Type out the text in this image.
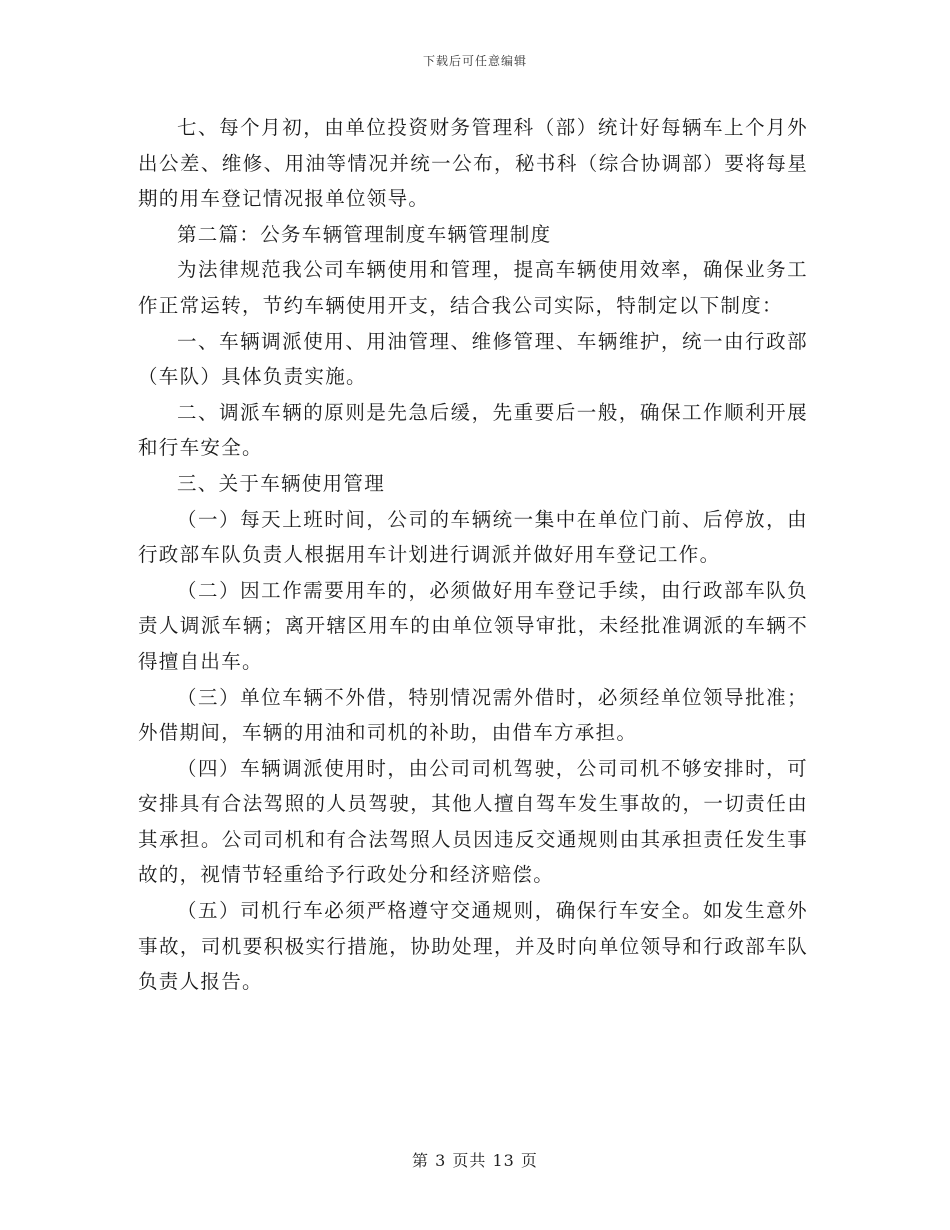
下载后可任意编辑

七、每个月初，由单位投资财务管理科（部）统计好每辆车上个月外出公差、维修、用油等情况并统一公布，秘书科（综合协调部）要将每星期的用车登记情况报单位领导。

第二篇：公务车辆管理制度车辆管理制度

为法律规范我公司车辆使用和管理，提高车辆使用效率，确保业务工作正常运转，节约车辆使用开支，结合我公司实际，特制定以下制度：

一、车辆调派使用、用油管理、维修管理、车辆维护，统一由行政部（车队）具体负责实施。

二、调派车辆的原则是先急后缓，先重要后一般，确保工作顺利开展和行车安全。

三、关于车辆使用管理

（一）每天上班时间，公司的车辆统一集中在单位门前、后停放，由行政部车队负责人根据用车计划进行调派并做好用车登记工作。

（二）因工作需要用车的，必须做好用车登记手续，由行政部车队负责人调派车辆；离开辖区用车的由单位领导审批，未经批准调派的车辆不得擅自出车。

（三）单位车辆不外借，特别情况需外借时，必须经单位领导批准；外借期间，车辆的用油和司机的补助，由借车方承担。

（四）车辆调派使用时，由公司司机驾驶，公司司机不够安排时，可安排具有合法驾照的人员驾驶，其他人擅自驾车发生事故的，一切责任由其承担。公司司机和有合法驾照人员因违反交通规则由其承担责任发生事故的，视情节轻重给予行政处分和经济赔偿。

（五）司机行车必须严格遵守交通规则，确保行车安全。如发生意外事故，司机要积极实行措施，协助处理，并及时向单位领导和行政部车队负责人报告。

第 3 页共 13 页
